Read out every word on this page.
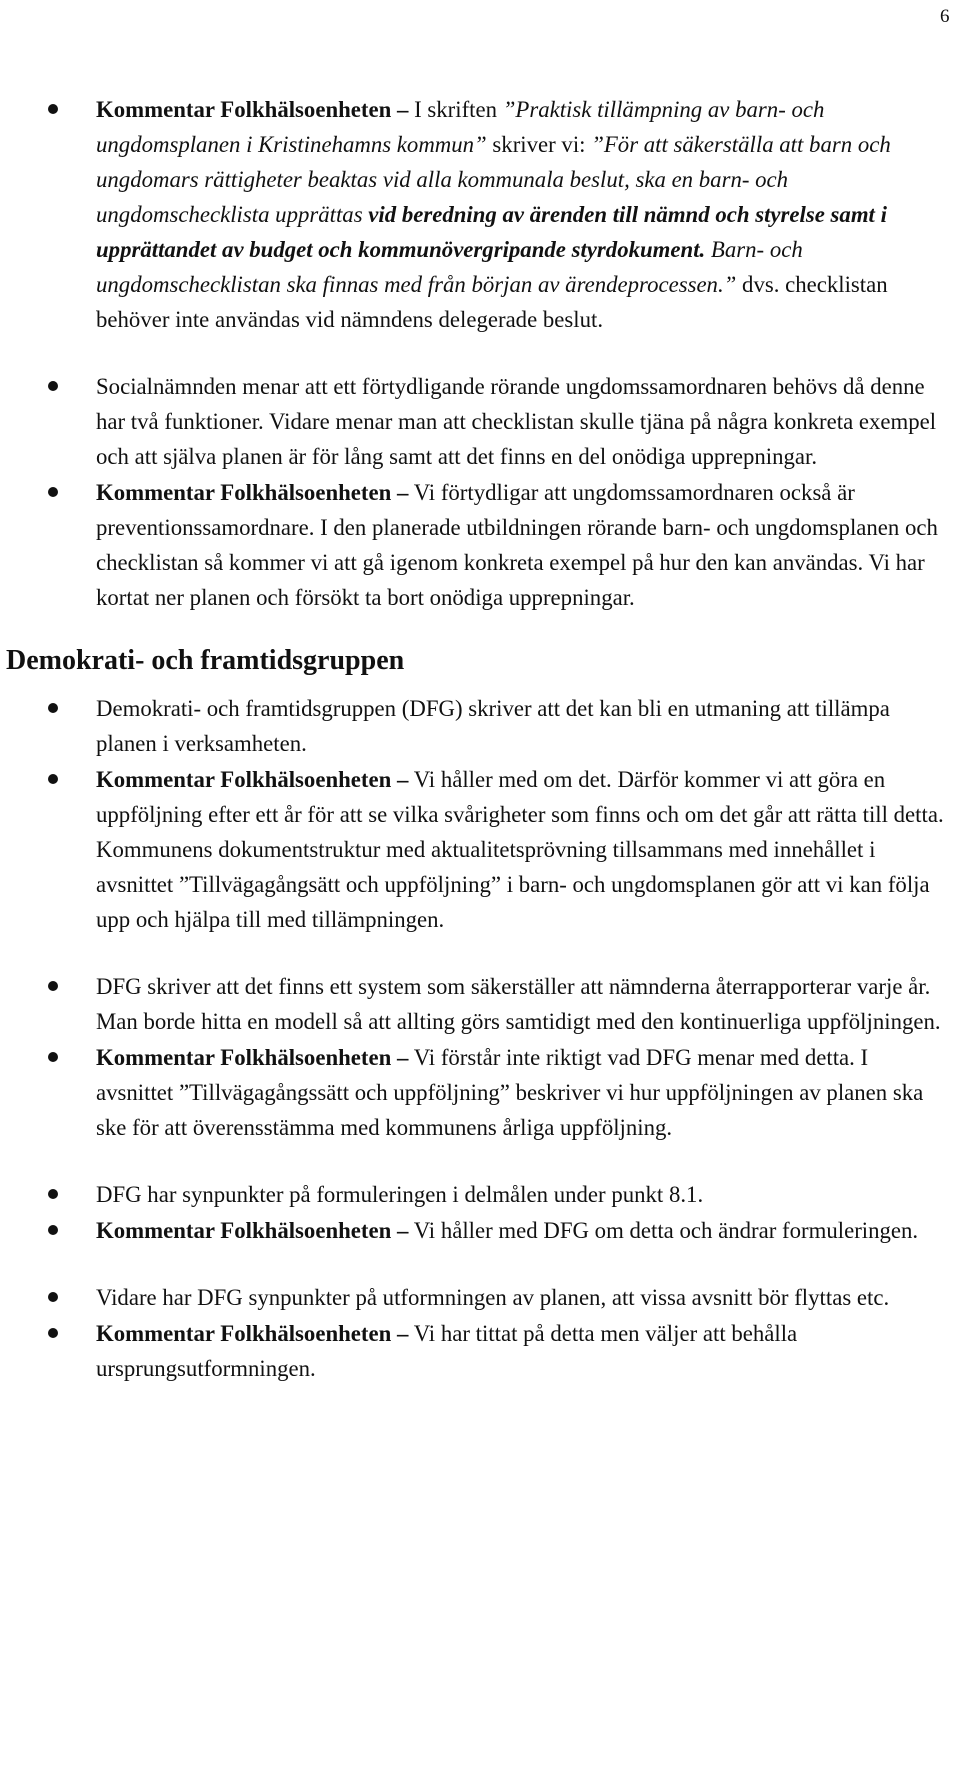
6

Kommentar Folkhälsoenheten – I skriften ”Praktisk tillämpning av barn- och ungdomsplanen i Kristinehamns kommun” skriver vi: ”För att säkerställa att barn och ungdomars rättigheter beaktas vid alla kommunala beslut, ska en barn- och ungdomschecklista upprättas vid beredning av ärenden till nämnd och styrelse samt i upprättandet av budget och kommunövergripande styrdokument. Barn- och ungdomschecklistan ska finnas med från början av ärendeprocessen.” dvs. checklistan behöver inte användas vid nämndens delegerade beslut.

Socialnämnden menar att ett förtydligande rörande ungdomssamordnaren behövs då denne har två funktioner. Vidare menar man att checklistan skulle tjäna på några konkreta exempel och att själva planen är för lång samt att det finns en del onödiga upprepningar.

Kommentar Folkhälsoenheten – Vi förtydligar att ungdomssamordnaren också är preventionssamordnare. I den planerade utbildningen rörande barn- och ungdomsplanen och checklistan så kommer vi att gå igenom konkreta exempel på hur den kan användas. Vi har kortat ner planen och försökt ta bort onödiga upprepningar.

Demokrati- och framtidsgruppen

Demokrati- och framtidsgruppen (DFG) skriver att det kan bli en utmaning att tillämpa planen i verksamheten.

Kommentar Folkhälsoenheten – Vi håller med om det. Därför kommer vi att göra en uppföljning efter ett år för att se vilka svårigheter som finns och om det går att rätta till detta. Kommunens dokumentstruktur med aktualitetsprövning tillsammans med innehållet i avsnittet ”Tillvägagångsätt och uppföljning” i barn- och ungdomsplanen gör att vi kan följa upp och hjälpa till med tillämpningen.

DFG skriver att det finns ett system som säkerställer att nämnderna återrapporterar varje år. Man borde hitta en modell så att allting görs samtidigt med den kontinuerliga uppföljningen.

Kommentar Folkhälsoenheten – Vi förstår inte riktigt vad DFG menar med detta. I avsnittet ”Tillvägagångssätt och uppföljning” beskriver vi hur uppföljningen av planen ska ske för att överensstämma med kommunens årliga uppföljning.

DFG har synpunkter på formuleringen i delmålen under punkt 8.1.

Kommentar Folkhälsoenheten – Vi håller med DFG om detta och ändrar formuleringen.

Vidare har DFG synpunkter på utformningen av planen, att vissa avsnitt bör flyttas etc.

Kommentar Folkhälsoenheten – Vi har tittat på detta men väljer att behålla ursprungsutformningen.
